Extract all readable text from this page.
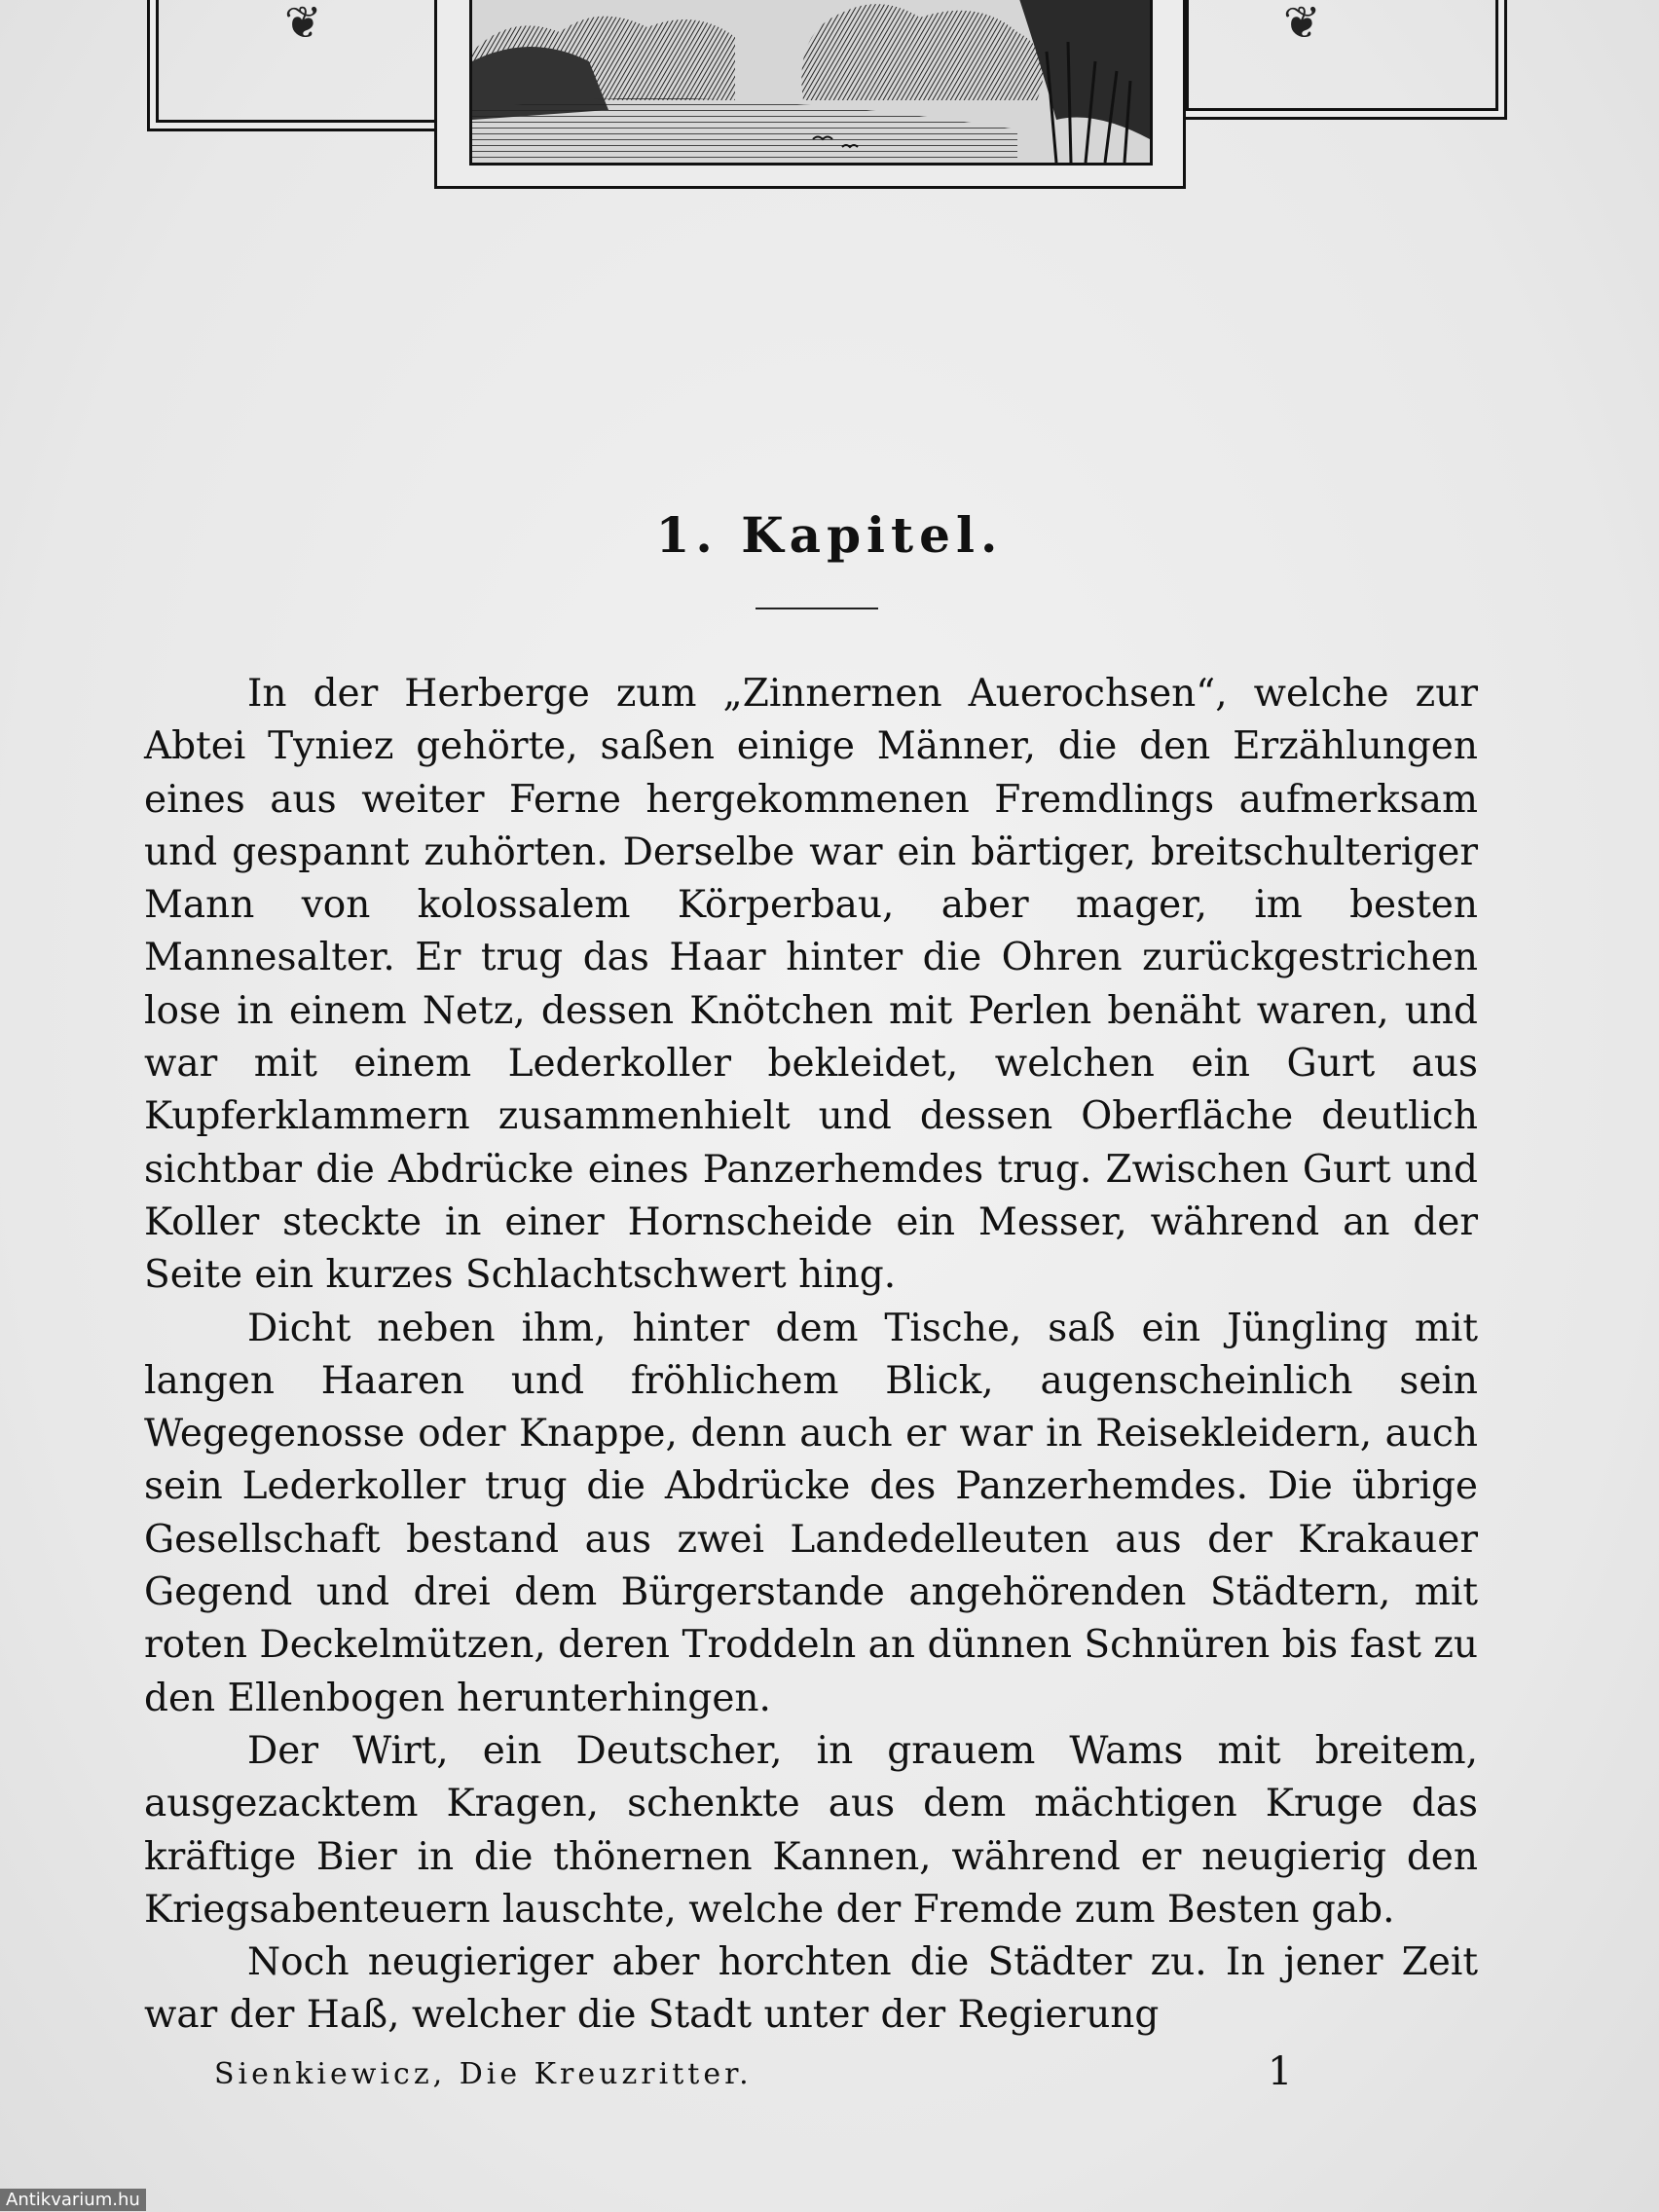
❦	❦
1. Kapitel.

In der Herberge zum „Zinnernen Auerochsen“, welche zur Abtei Tyniez gehörte, saßen einige Männer, die den Erzählungen eines aus weiter Ferne hergekommenen Fremdlings aufmerksam und gespannt zuhörten. Derselbe war ein bärtiger, breitschulteriger Mann von kolossalem Körperbau, aber mager, im besten Mannesalter. Er trug das Haar hinter die Ohren zurückgestrichen lose in einem Netz, dessen Knötchen mit Perlen benäht waren, und war mit einem Lederkoller bekleidet, welchen ein Gurt aus Kupferklammern zusammenhielt und dessen Oberfläche deutlich sichtbar die Abdrücke eines Panzerhemdes trug. Zwischen Gurt und Koller steckte in einer Hornscheide ein Messer, während an der Seite ein kurzes Schlachtschwert hing.

Dicht neben ihm, hinter dem Tische, saß ein Jüngling mit langen Haaren und fröhlichem Blick, augenscheinlich sein Wegegenosse oder Knappe, denn auch er war in Reisekleidern, auch sein Lederkoller trug die Abdrücke des Panzerhemdes. Die übrige Gesellschaft bestand aus zwei Landedelleuten aus der Krakauer Gegend und drei dem Bürgerstande angehörenden Städtern, mit roten Deckelmützen, deren Troddeln an dünnen Schnüren bis fast zu den Ellenbogen herunterhingen.

Der Wirt, ein Deutscher, in grauem Wams mit breitem, ausgezacktem Kragen, schenkte aus dem mächtigen Kruge das kräftige Bier in die thönernen Kannen, während er neugierig den Kriegsabenteuern lauschte, welche der Fremde zum Besten gab.

Noch neugieriger aber horchten die Städter zu. In jener Zeit war der Haß, welcher die Stadt unter der Regierung

Sienkiewicz, Die Kreuzritter.	1
Antikvarium.hu
